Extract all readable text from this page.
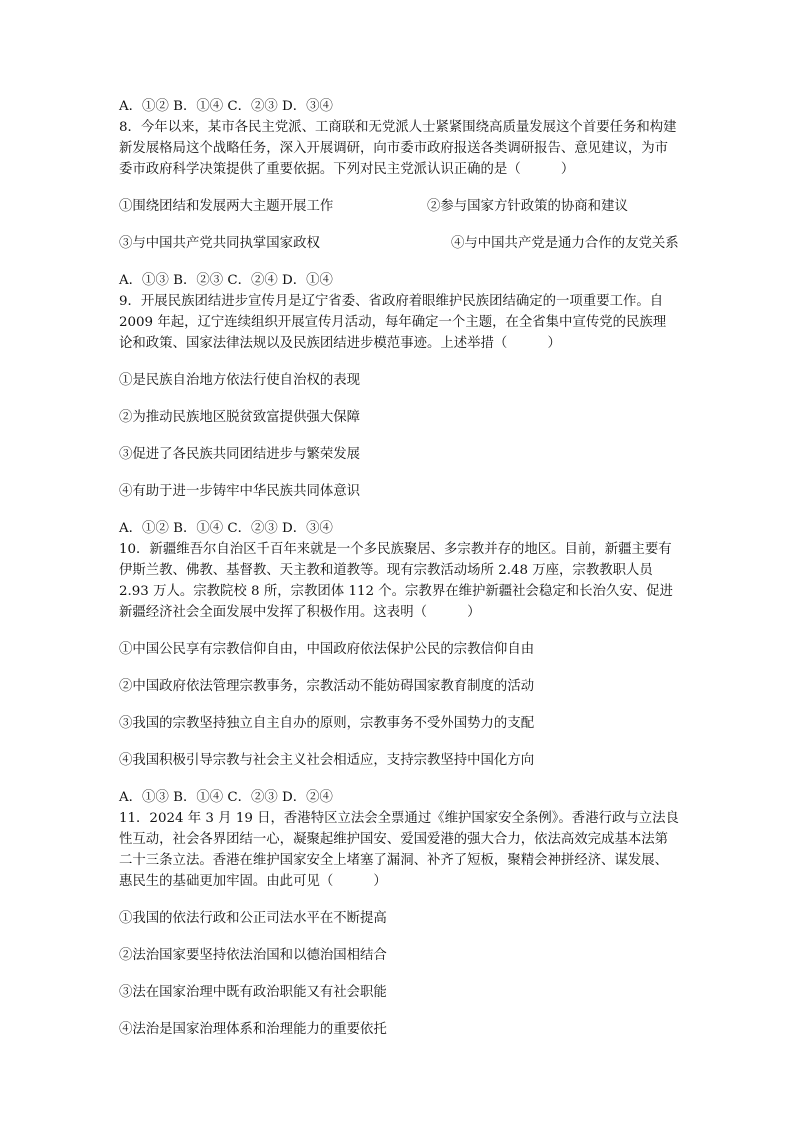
A．①② B．①④ C．②③ D．③④

8．今年以来，某市各民主党派、工商联和无党派人士紧紧围绕高质量发展这个首要任务和构建新发展格局这个战略任务，深入开展调研，向市委市政府报送各类调研报告、意见建议，为市委市政府科学决策提供了重要依据。下列对民主党派认识正确的是（　　　）

①围绕团结和发展两大主题开展工作	②参与国家方针政策的协商和建议
③与中国共产党共同执掌国家政权	④与中国共产党是通力合作的友党关系

A．①③ B．②③ C．②④ D．①④

9．开展民族团结进步宣传月是辽宁省委、省政府着眼维护民族团结确定的一项重要工作。自 2009 年起，辽宁连续组织开展宣传月活动，每年确定一个主题，在全省集中宣传党的民族理论和政策、国家法律法规以及民族团结进步模范事迹。上述举措（　　　）

①是民族自治地方依法行使自治权的表现

②为推动民族地区脱贫致富提供强大保障

③促进了各民族共同团结进步与繁荣发展

④有助于进一步铸牢中华民族共同体意识

A．①② B．①④ C．②③ D．③④

10．新疆维吾尔自治区千百年来就是一个多民族聚居、多宗教并存的地区。目前，新疆主要有伊斯兰教、佛教、基督教、天主教和道教等。现有宗教活动场所 2.48 万座，宗教教职人员 2.93 万人。宗教院校 8 所，宗教团体 112 个。宗教界在维护新疆社会稳定和长治久安、促进新疆经济社会全面发展中发挥了积极作用。这表明（　　　）

①中国公民享有宗教信仰自由，中国政府依法保护公民的宗教信仰自由

②中国政府依法管理宗教事务，宗教活动不能妨碍国家教育制度的活动

③我国的宗教坚持独立自主自办的原则，宗教事务不受外国势力的支配

④我国积极引导宗教与社会主义社会相适应，支持宗教坚持中国化方向

A．①③ B．①④ C．②③ D．②④

11．2024 年 3 月 19 日，香港特区立法会全票通过《维护国家安全条例》。香港行政与立法良性互动，社会各界团结一心，凝聚起维护国安、爱国爱港的强大合力，依法高效完成基本法第二十三条立法。香港在维护国家安全上堵塞了漏洞、补齐了短板，聚精会神拼经济、谋发展、惠民生的基础更加牢固。由此可见（　　　）

①我国的依法行政和公正司法水平在不断提高

②法治国家要坚持依法治国和以德治国相结合

③法在国家治理中既有政治职能又有社会职能

④法治是国家治理体系和治理能力的重要依托
